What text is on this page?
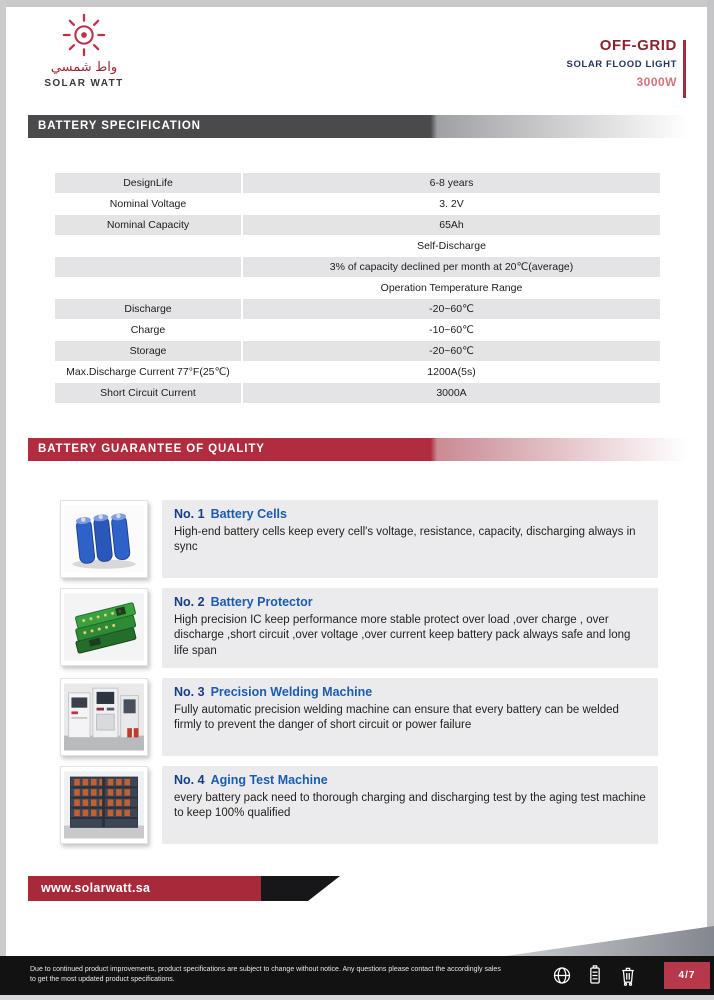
واط شمسي
SOLAR WATT
OFF-GRID
SOLAR FLOOD LIGHT
3000W
BATTERY SPECIFICATION
DesignLife	6-8 years
Nominal Voltage	3. 2V
Nominal Capacity	65Ah
Self-Discharge
3% of capacity declined per month at 20℃(average)
Operation Temperature Range
Discharge	-20~60℃
Charge	-10~60℃
Storage	-20~60℃
Max.Discharge Current 77°F(25℃)	1200A(5s)
Short Circuit Current	3000A
BATTERY GUARANTEE OF QUALITY
No. 1 Battery Cells
High-end battery cells keep every cell's voltage, resistance, capacity, discharging always in sync
No. 2 Battery Protector
High precision IC keep performance more stable protect over load ,over charge , over discharge ,short circuit ,over voltage ,over current keep battery pack always safe and long life span
No. 3 Precision Welding Machine
Fully automatic precision welding machine can ensure that every battery can be welded firmly to prevent the danger of short circuit or power failure
No. 4 Aging Test Machine
every battery pack need to thorough charging and discharging test by the aging test machine to keep 100% qualified
www.solarwatt.sa
Due to continued product improvements, product specifications are subject to change without notice. Any questions please contact the accordingly sales to get the most updated product specifications.	4/7
